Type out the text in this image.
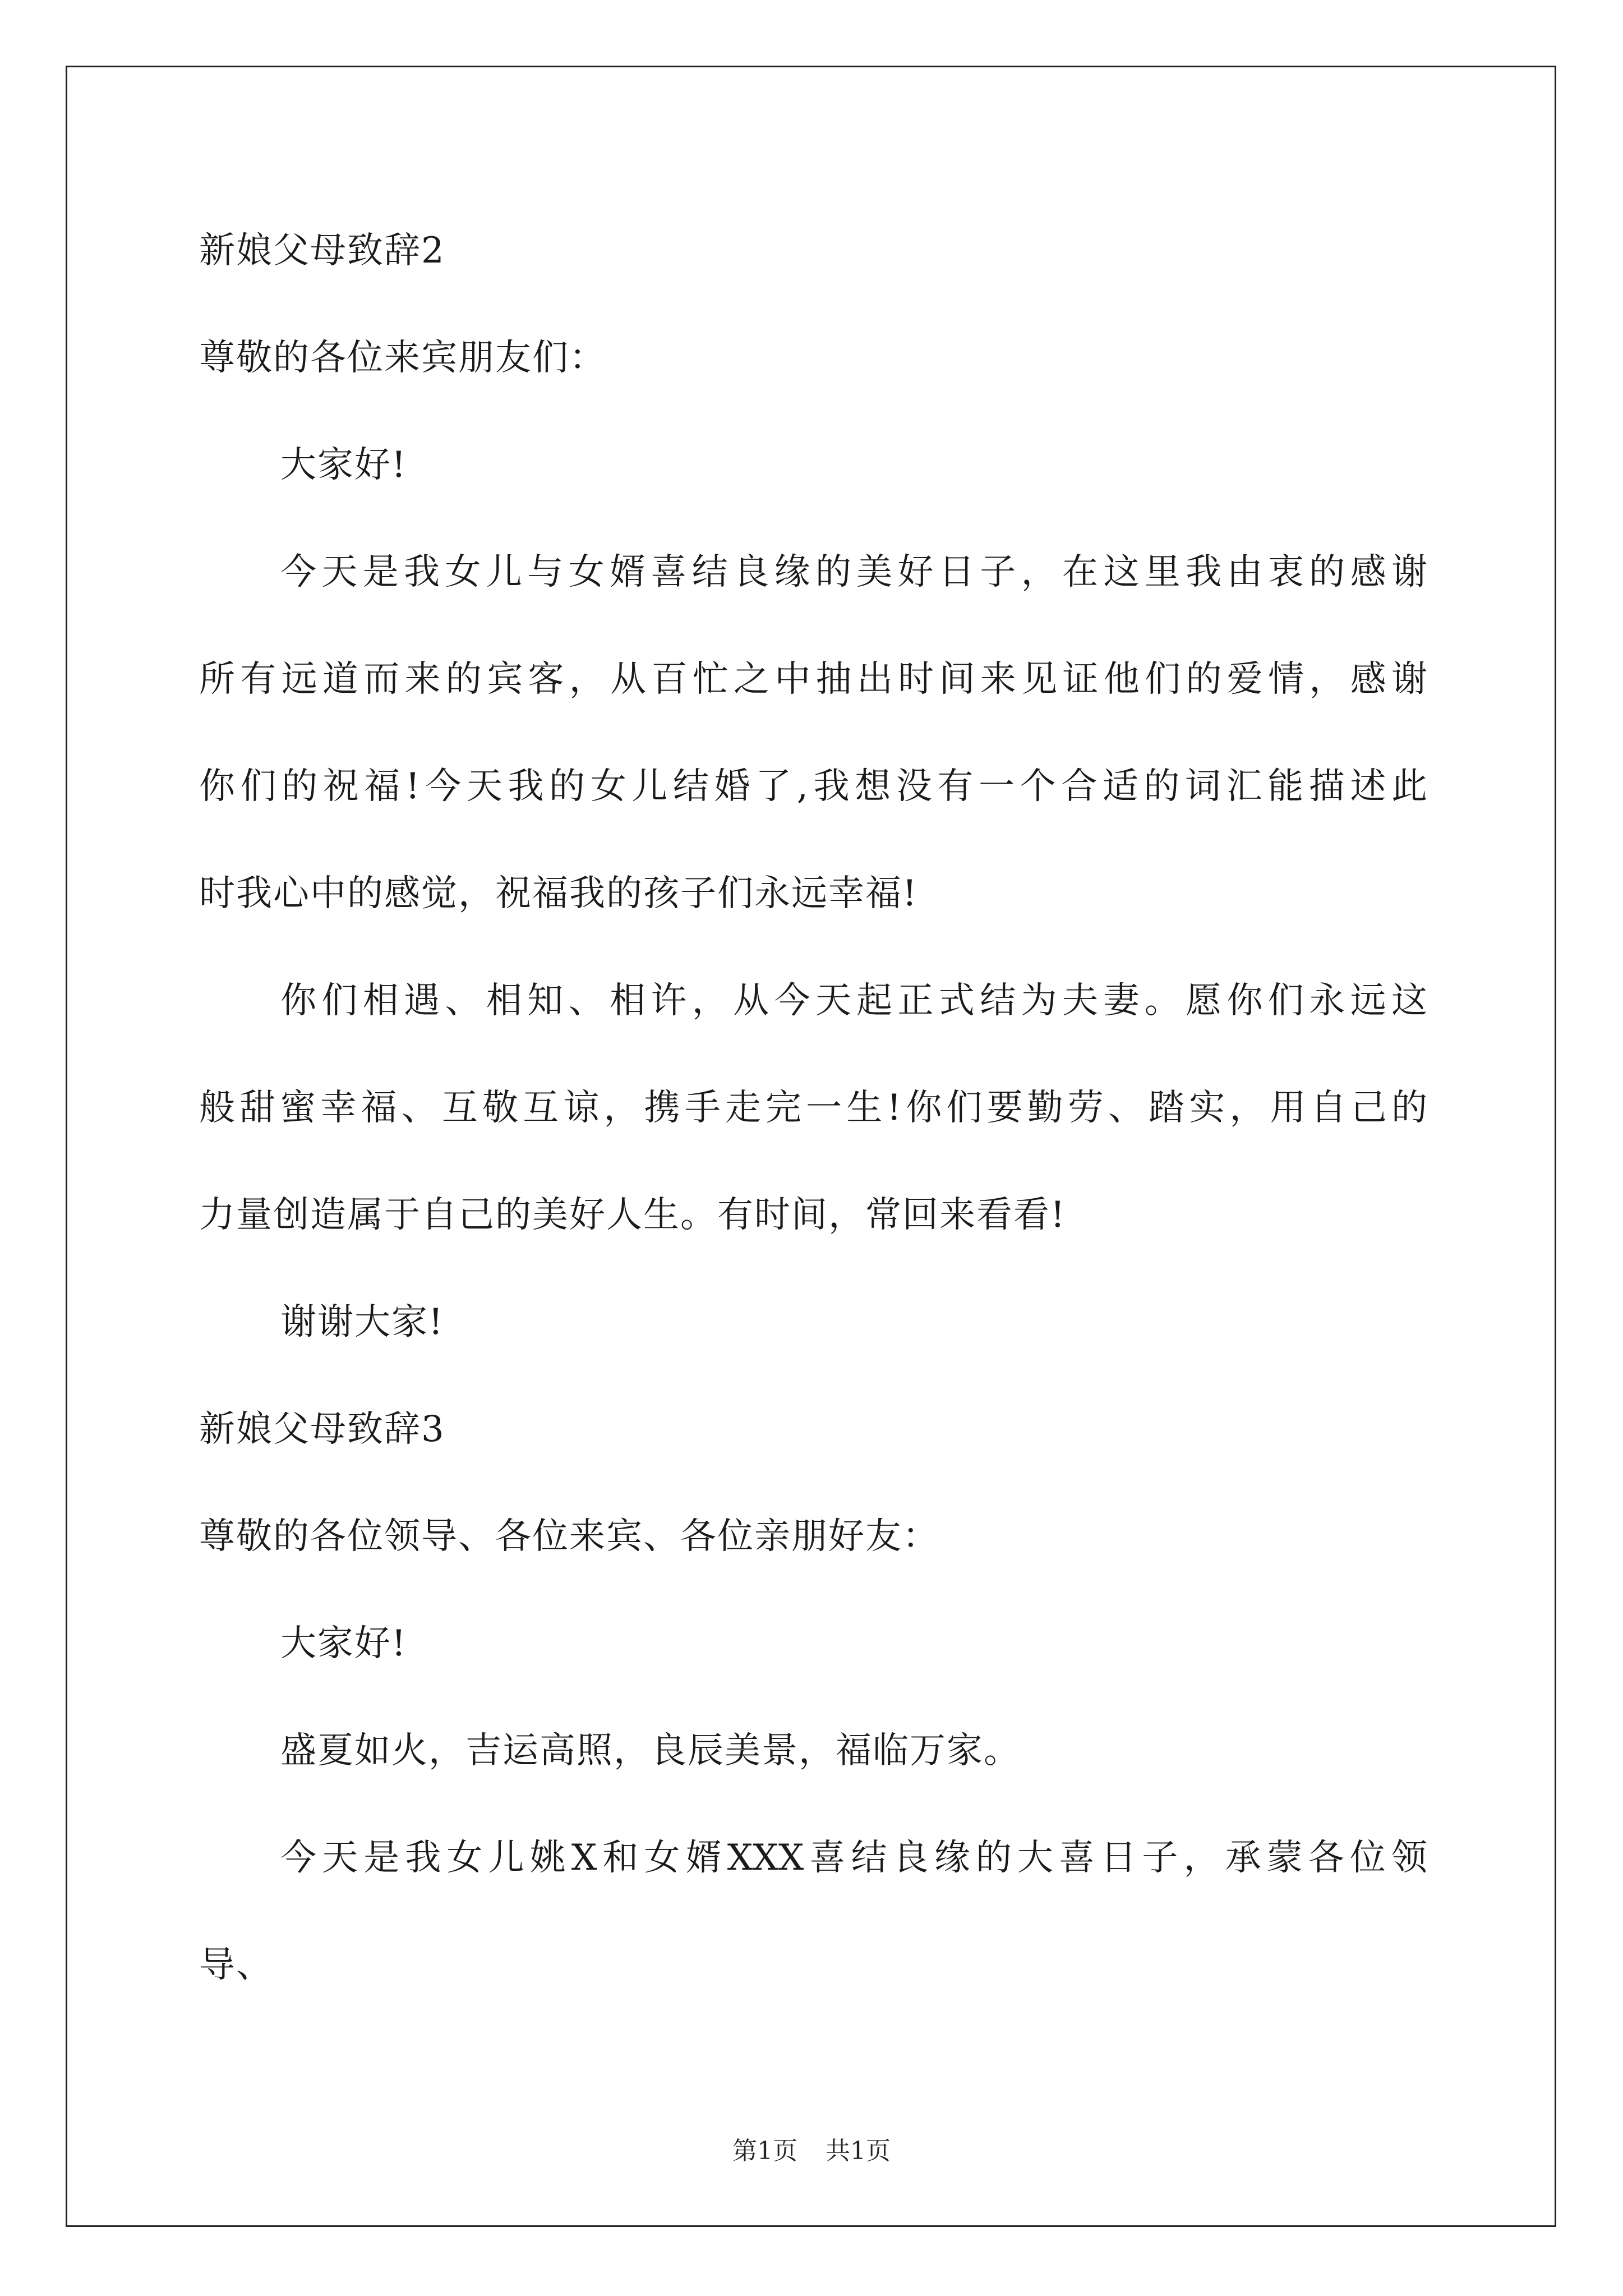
新娘父母致辞2
尊敬的各位来宾朋友们：
大家好!
今天是我女儿与女婿喜结良缘的美好日子，在这里我由衷的感谢
所有远道而来的宾客，从百忙之中抽出时间来见证他们的爱情，感谢
你们的祝福!今天我的女儿结婚了,我想没有一个合适的词汇能描述此
时我心中的感觉，祝福我的孩子们永远幸福!
你们相遇、相知、相许，从今天起正式结为夫妻。愿你们永远这
般甜蜜幸福、互敬互谅，携手走完一生!你们要勤劳、踏实，用自己的
力量创造属于自己的美好人生。有时间，常回来看看!
谢谢大家!
新娘父母致辞3
尊敬的各位领导、各位来宾、各位亲朋好友：
大家好!
盛夏如火，吉运高照，良辰美景，福临万家。
今天是我女儿姚X和女婿XXX喜结良缘的大喜日子，承蒙各位领
导、
第1页 共1页
